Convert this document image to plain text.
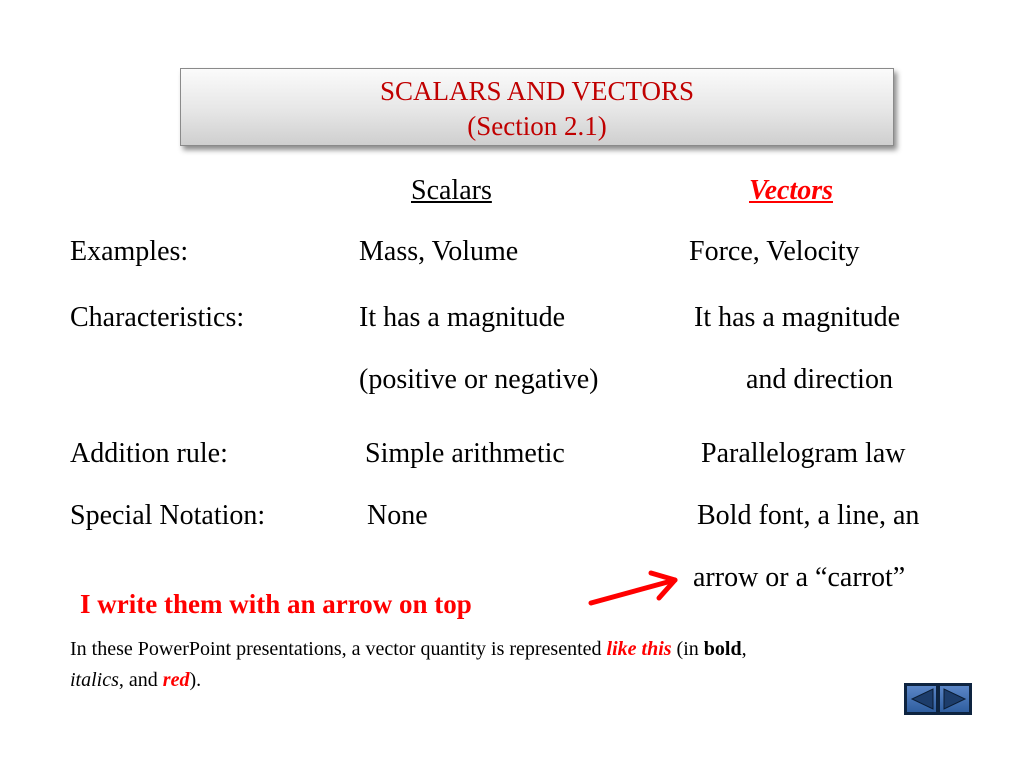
SCALARS AND VECTORS
(Section 2.1)
Scalars	Vectors
Examples:	Mass, Volume	Force, Velocity
Characteristics:	It has a magnitude	It has a magnitude
(positive or negative)	and direction
Addition rule:	Simple arithmetic	Parallelogram law
Special Notation:	None	Bold font, a line, an
arrow or a “carrot”
I write them with an arrow on top
In these PowerPoint presentations, a vector quantity is represented like this (in bold,
italics, and red).
